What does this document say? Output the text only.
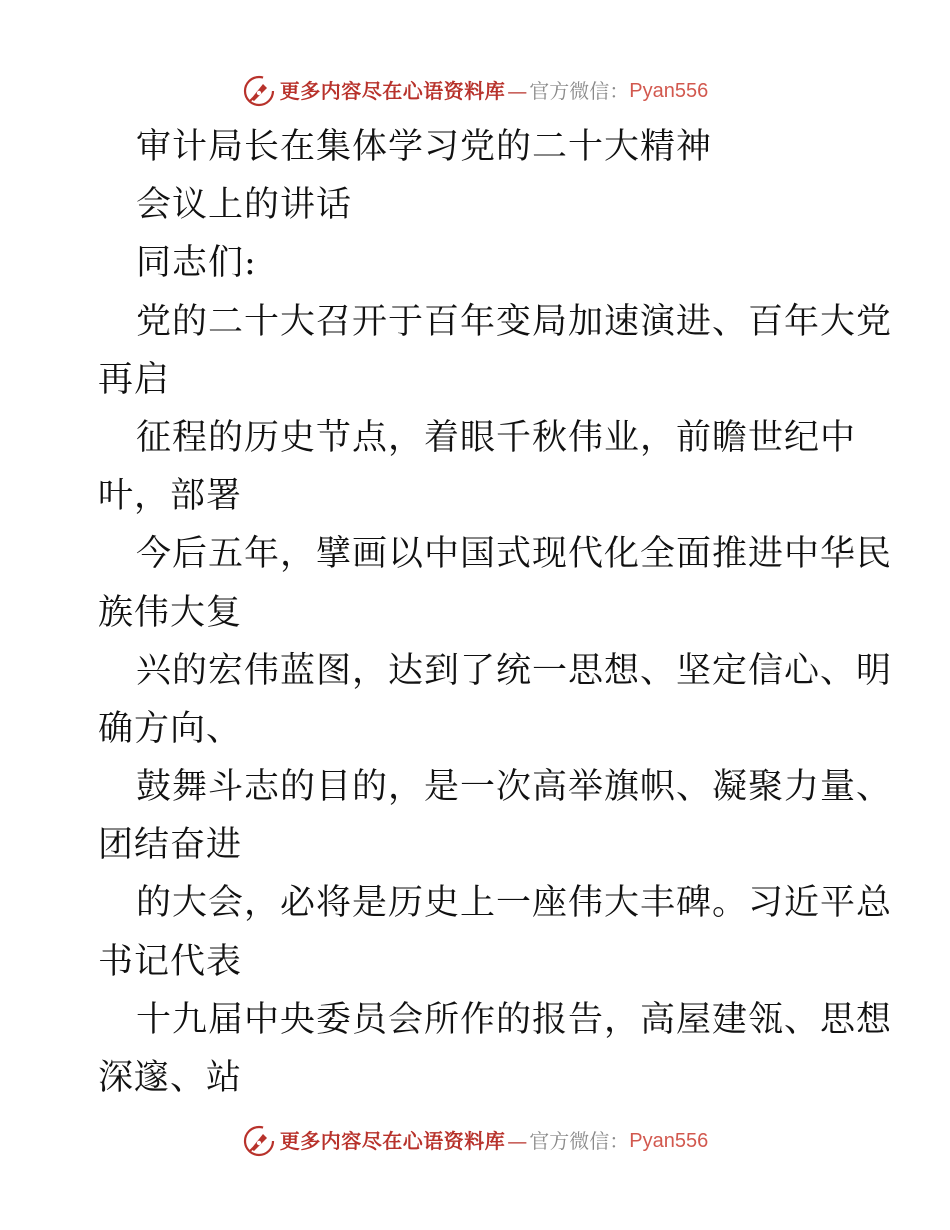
更多内容尽在心语资料库 — 官方微信： Pyan556
审计局长在集体学习党的二十大精神
会议上的讲话
同志们:
党的二十大召开于百年变局加速演进、百年大党
再启
征程的历史节点，着眼千秋伟业，前瞻世纪中
叶，部署
今后五年，擘画以中国式现代化全面推进中华民
族伟大复
兴的宏伟蓝图，达到了统一思想、坚定信心、明
确方向、
鼓舞斗志的目的，是一次高举旗帜、凝聚力量、
团结奋进
的大会，必将是历史上一座伟大丰碑。习近平总
书记代表
十九届中央委员会所作的报告，高屋建瓴、思想
深邃、站
更多内容尽在心语资料库 — 官方微信： Pyan556
